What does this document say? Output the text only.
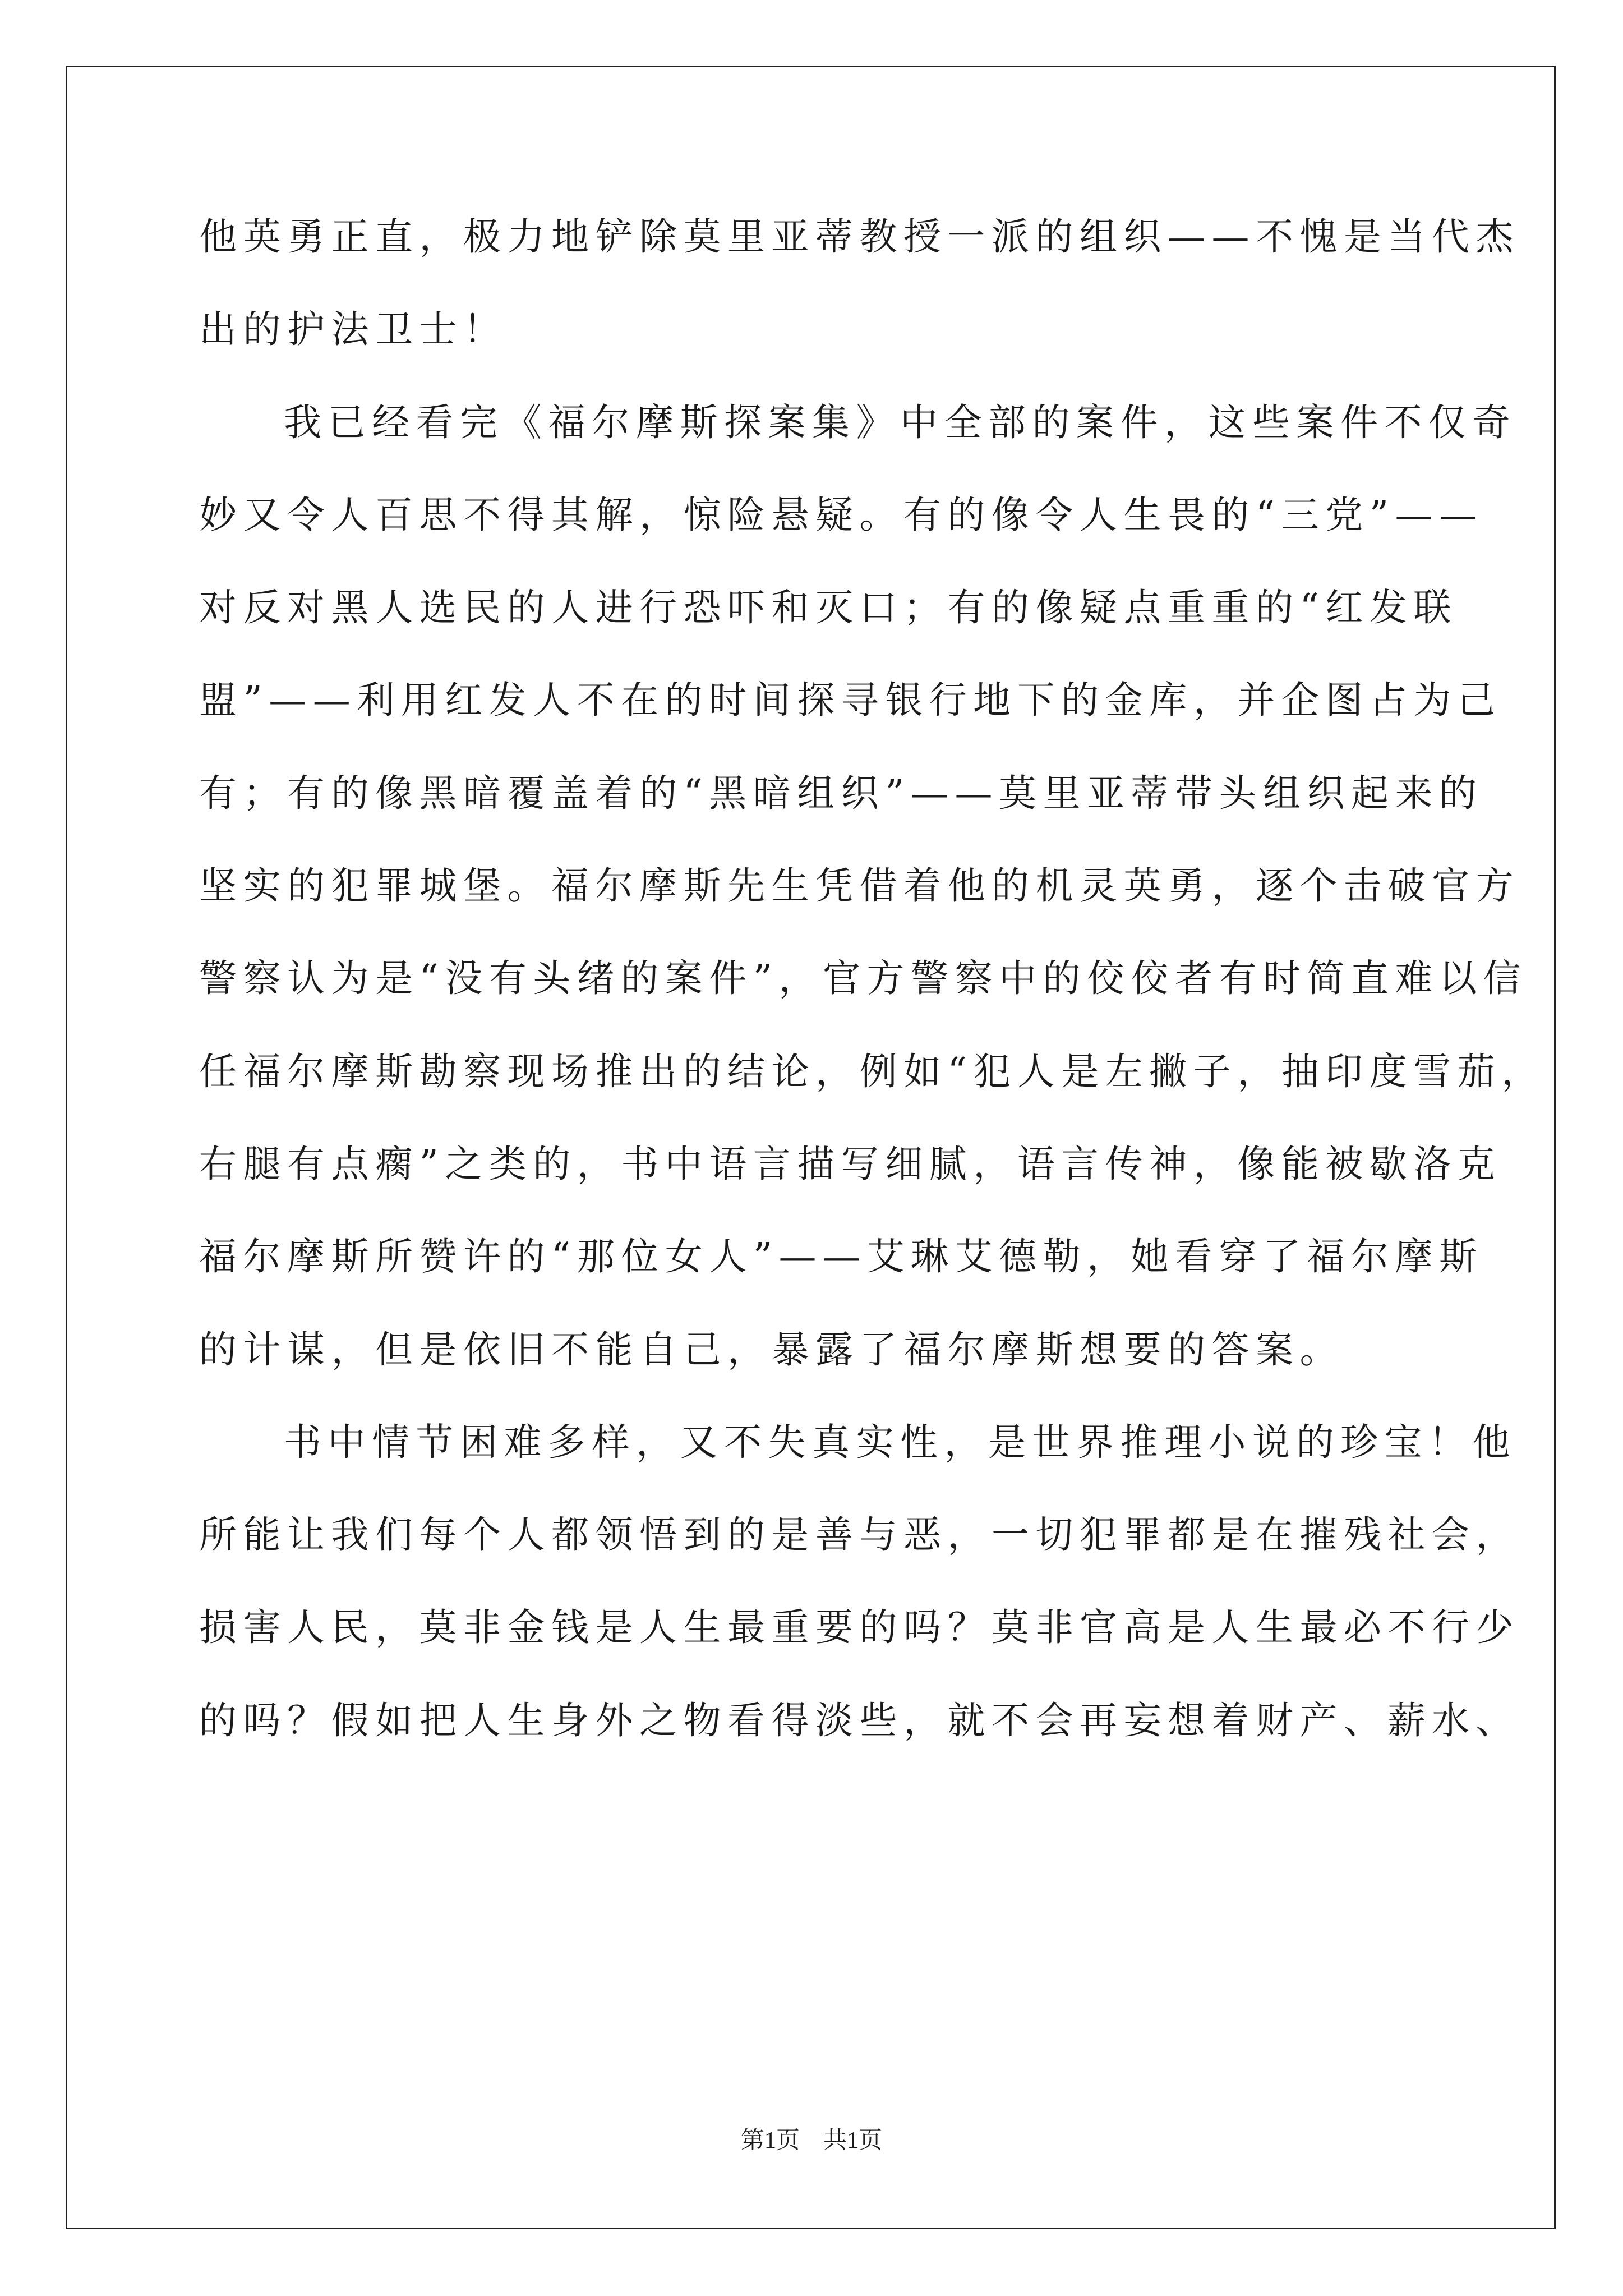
他英勇正直，极力地铲除莫里亚蒂教授一派的组织——不愧是当代杰
出的护法卫士！
我已经看完《福尔摩斯探案集》中全部的案件，这些案件不仅奇
妙又令人百思不得其解，惊险悬疑。有的像令人生畏的“三党”——
对反对黑人选民的人进行恐吓和灭口；有的像疑点重重的“红发联
盟”——利用红发人不在的时间探寻银行地下的金库，并企图占为己
有；有的像黑暗覆盖着的“黑暗组织”——莫里亚蒂带头组织起来的
坚实的犯罪城堡。福尔摩斯先生凭借着他的机灵英勇，逐个击破官方
警察认为是“没有头绪的案件”，官方警察中的佼佼者有时简直难以信
任福尔摩斯勘察现场推出的结论，例如“犯人是左撇子，抽印度雪茄，
右腿有点瘸”之类的，书中语言描写细腻，语言传神，像能被歇洛克
福尔摩斯所赞许的“那位女人”——艾琳艾德勒，她看穿了福尔摩斯
的计谋，但是依旧不能自己，暴露了福尔摩斯想要的答案。
书中情节困难多样，又不失真实性，是世界推理小说的珍宝！他
所能让我们每个人都领悟到的是善与恶，一切犯罪都是在摧残社会，
损害人民，莫非金钱是人生最重要的吗？莫非官高是人生最必不行少
的吗？假如把人生身外之物看得淡些，就不会再妄想着财产、薪水、
第1页 共1页
